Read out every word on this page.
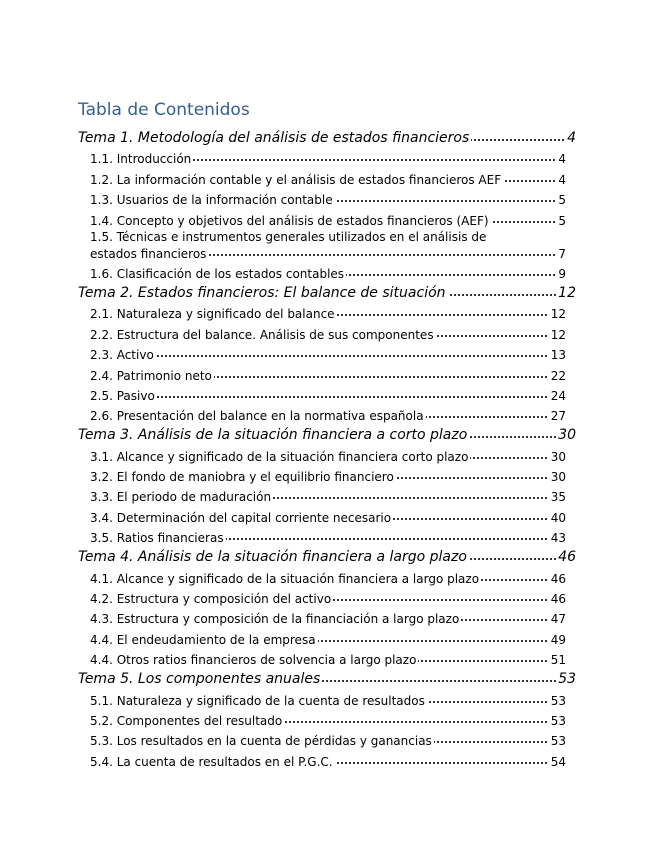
Tabla de Contenidos
Tema 1. Metodología del análisis de estados financieros	4
1.1. Introducción	4
1.2. La información contable y el análisis de estados financieros AEF	4
1.3. Usuarios de la información contable	5
1.4. Concepto y objetivos del análisis de estados financieros (AEF)	5
1.5. Técnicas e instrumentos generales utilizados en el análisis de
estados financieros	7
1.6. Clasificación de los estados contables	9
Tema 2. Estados financieros: El balance de situación	12
2.1. Naturaleza y significado del balance	12
2.2. Estructura del balance. Análisis de sus componentes	12
2.3. Activo	13
2.4. Patrimonio neto	22
2.5. Pasivo	24
2.6. Presentación del balance en la normativa española	27
Tema 3. Análisis de la situación financiera a corto plazo	30
3.1. Alcance y significado de la situación financiera corto plazo	30
3.2. El fondo de maniobra y el equilibrio financiero	30
3.3. El periodo de maduración	35
3.4. Determinación del capital corriente necesario	40
3.5. Ratios financieras	43
Tema 4. Análisis de la situación financiera a largo plazo	46
4.1. Alcance y significado de la situación financiera a largo plazo	46
4.2. Estructura y composición del activo	46
4.3. Estructura y composición de la financiación a largo plazo	47
4.4. El endeudamiento de la empresa	49
4.4. Otros ratios financieros de solvencia a largo plazo	51
Tema 5. Los componentes anuales	53
5.1. Naturaleza y significado de la cuenta de resultados	53
5.2. Componentes del resultado	53
5.3. Los resultados en la cuenta de pérdidas y ganancias	53
5.4. La cuenta de resultados en el P.G.C.	54
